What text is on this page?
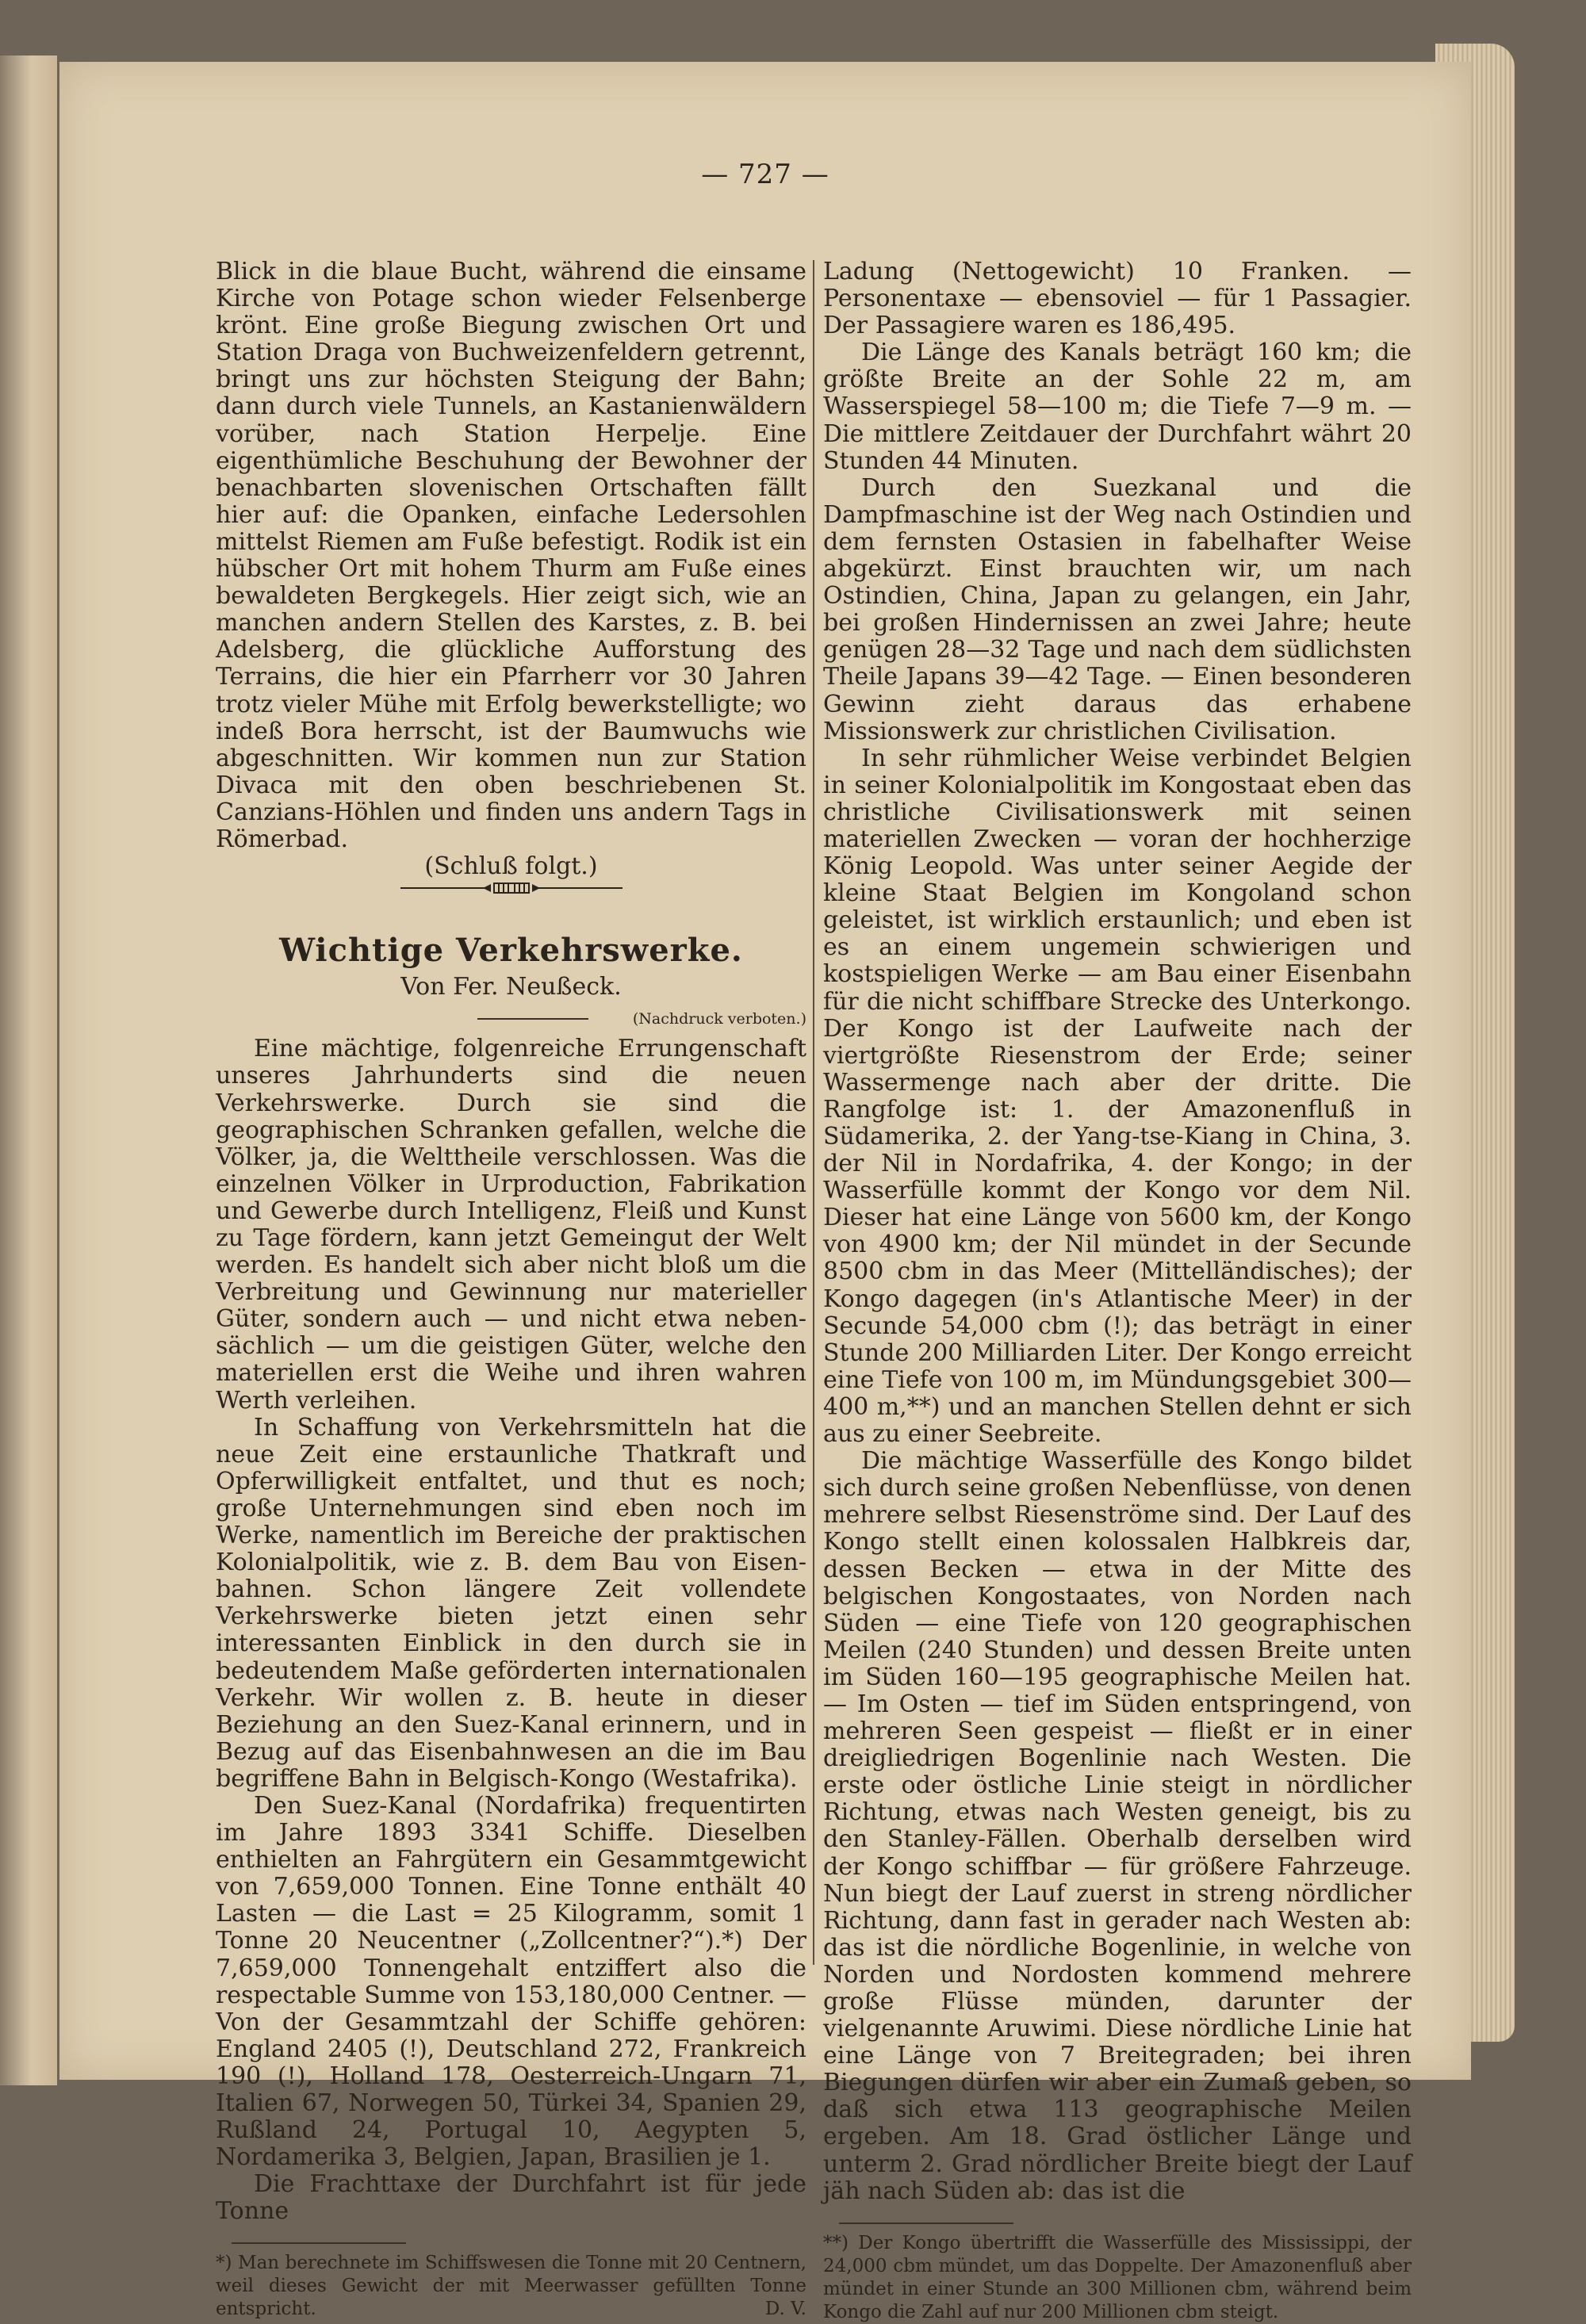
— 727 —

Blick in die blaue Bucht, während die einsame Kirche von Potage schon wieder Felsenberge krönt. Eine große Biegung zwischen Ort und Station Draga von Buchweizenfeldern getrennt, bringt uns zur höchsten Steigung der Bahn; dann durch viele Tunnels, an Kastanienwäldern vorüber, nach Station Herpelje. Eine eigenthümliche Beschuhung der Bewohner der benachbarten slovenischen Ortschaften fällt hier auf: die Opanken, einfache Ledersohlen mittelst Riemen am Fuße befestigt. Rodik ist ein hübscher Ort mit hohem Thurm am Fuße eines bewaldeten Bergkegels. Hier zeigt sich, wie an manchen andern Stellen des Karstes, z. B. bei Adelsberg, die glückliche Aufforstung des Terrains, die hier ein Pfarrherr vor 30 Jahren trotz vieler Mühe mit Erfolg bewerkstelligte; wo indeß Bora herrscht, ist der Baumwuchs wie abgeschnitten. Wir kommen nun zur Station Divaca mit den oben beschriebenen St. Canzians-Höhlen und finden uns andern Tags in Römerbad.

(Schluß folgt.)

Wichtige Verkehrswerke.

Von Fer. Neußeck.

(Nachdruck verboten.)

Eine mächtige, folgenreiche Errungenschaft unseres Jahrhunderts sind die neuen Verkehrswerke. Durch sie sind die geographischen Schranken gefallen, welche die Völker, ja, die Welttheile verschlossen. Was die einzelnen Völker in Urproduction, Fabrikation und Gewerbe durch Intelligenz, Fleiß und Kunst zu Tage fördern, kann jetzt Gemeingut der Welt werden. Es handelt sich aber nicht bloß um die Verbreitung und Gewinnung nur materieller Güter, sondern auch — und nicht etwa nebensächlich — um die geistigen Güter, welche den materiellen erst die Weihe und ihren wahren Werth verleihen.

In Schaffung von Verkehrsmitteln hat die neue Zeit eine erstaunliche Thatkraft und Opferwilligkeit entfaltet, und thut es noch; große Unternehmungen sind eben noch im Werke, namentlich im Bereiche der praktischen Kolonialpolitik, wie z. B. dem Bau von Eisenbahnen. Schon längere Zeit vollendete Verkehrswerke bieten jetzt einen sehr interessanten Einblick in den durch sie in bedeutendem Maße geförderten internationalen Verkehr. Wir wollen z. B. heute in dieser Beziehung an den Suez-Kanal erinnern, und in Bezug auf das Eisenbahnwesen an die im Bau begriffene Bahn in Belgisch-Kongo (Westafrika).

Den Suez-Kanal (Nordafrika) frequentirten im Jahre 1893 3341 Schiffe. Dieselben enthielten an Fahrgütern ein Gesammtgewicht von 7,659,000 Tonnen. Eine Tonne enthält 40 Lasten — die Last = 25 Kilogramm, somit 1 Tonne 20 Neucentner („Zollcentner?“).*) Der 7,659,000 Tonnengehalt entziffert also die respectable Summe von 153,180,000 Centner. — Von der Gesammtzahl der Schiffe gehören: England 2405 (!), Deutschland 272, Frankreich 190 (!), Holland 178, Oesterreich-Ungarn 71, Italien 67, Norwegen 50, Türkei 34, Spanien 29, Rußland 24, Portugal 10, Aegypten 5, Nordamerika 3, Belgien, Japan, Brasilien je 1.

Die Frachttaxe der Durchfahrt ist für jede Tonne

*) Man berechnete im Schiffswesen die Tonne mit 20 Centnern, weil dieses Gewicht der mit Meerwasser gefüllten Tonne entspricht.	D. V.

Ladung (Nettogewicht) 10 Franken. — Personentaxe — ebensoviel — für 1 Passagier. Der Passagiere waren es 186,495.

Die Länge des Kanals beträgt 160 km; die größte Breite an der Sohle 22 m, am Wasserspiegel 58—100 m; die Tiefe 7—9 m. — Die mittlere Zeitdauer der Durchfahrt währt 20 Stunden 44 Minuten.

Durch den Suezkanal und die Dampfmaschine ist der Weg nach Ostindien und dem fernsten Ostasien in fabelhafter Weise abgekürzt. Einst brauchten wir, um nach Ostindien, China, Japan zu gelangen, ein Jahr, bei großen Hindernissen an zwei Jahre; heute genügen 28—32 Tage und nach dem südlichsten Theile Japans 39—42 Tage. — Einen besonderen Gewinn zieht daraus das erhabene Missionswerk zur christlichen Civilisation.

In sehr rühmlicher Weise verbindet Belgien in seiner Kolonialpolitik im Kongostaat eben das christliche Civilisationswerk mit seinen materiellen Zwecken — voran der hochherzige König Leopold. Was unter seiner Aegide der kleine Staat Belgien im Kongoland schon geleistet, ist wirklich erstaunlich; und eben ist es an einem ungemein schwierigen und kostspieligen Werke — am Bau einer Eisenbahn für die nicht schiffbare Strecke des Unterkongo. Der Kongo ist der Laufweite nach der viertgrößte Riesenstrom der Erde; seiner Wassermenge nach aber der dritte. Die Rangfolge ist: 1. der Amazonenfluß in Südamerika, 2. der Yang-tse-Kiang in China, 3. der Nil in Nordafrika, 4. der Kongo; in der Wasserfülle kommt der Kongo vor dem Nil. Dieser hat eine Länge von 5600 km, der Kongo von 4900 km; der Nil mündet in der Secunde 8500 cbm in das Meer (Mittelländisches); der Kongo dagegen (in's Atlantische Meer) in der Secunde 54,000 cbm (!); das beträgt in einer Stunde 200 Milliarden Liter. Der Kongo erreicht eine Tiefe von 100 m, im Mündungsgebiet 300—400 m,**) und an manchen Stellen dehnt er sich aus zu einer Seebreite.

Die mächtige Wasserfülle des Kongo bildet sich durch seine großen Nebenflüsse, von denen mehrere selbst Riesenströme sind. Der Lauf des Kongo stellt einen kolossalen Halbkreis dar, dessen Becken — etwa in der Mitte des belgischen Kongostaates, von Norden nach Süden — eine Tiefe von 120 geographischen Meilen (240 Stunden) und dessen Breite unten im Süden 160—195 geographische Meilen hat. — Im Osten — tief im Süden entspringend, von mehreren Seen gespeist — fließt er in einer dreigliedrigen Bogenlinie nach Westen. Die erste oder östliche Linie steigt in nördlicher Richtung, etwas nach Westen geneigt, bis zu den Stanley-Fällen. Oberhalb derselben wird der Kongo schiffbar — für größere Fahrzeuge. Nun biegt der Lauf zuerst in streng nördlicher Richtung, dann fast in gerader nach Westen ab: das ist die nördliche Bogenlinie, in welche von Norden und Nordosten kommend mehrere große Flüsse münden, darunter der vielgenannte Aruwimi. Diese nördliche Linie hat eine Länge von 7 Breitegraden; bei ihren Biegungen dürfen wir aber ein Zumaß geben, so daß sich etwa 113 geographische Meilen ergeben. Am 18. Grad östlicher Länge und unterm 2. Grad nördlicher Breite biegt der Lauf jäh nach Süden ab: das ist die

**) Der Kongo übertrifft die Wasserfülle des Mississippi, der 24,000 cbm mündet, um das Doppelte. Der Amazonenfluß aber mündet in einer Stunde an 300 Millionen cbm, während beim Kongo die Zahl auf nur 200 Millionen cbm steigt.
